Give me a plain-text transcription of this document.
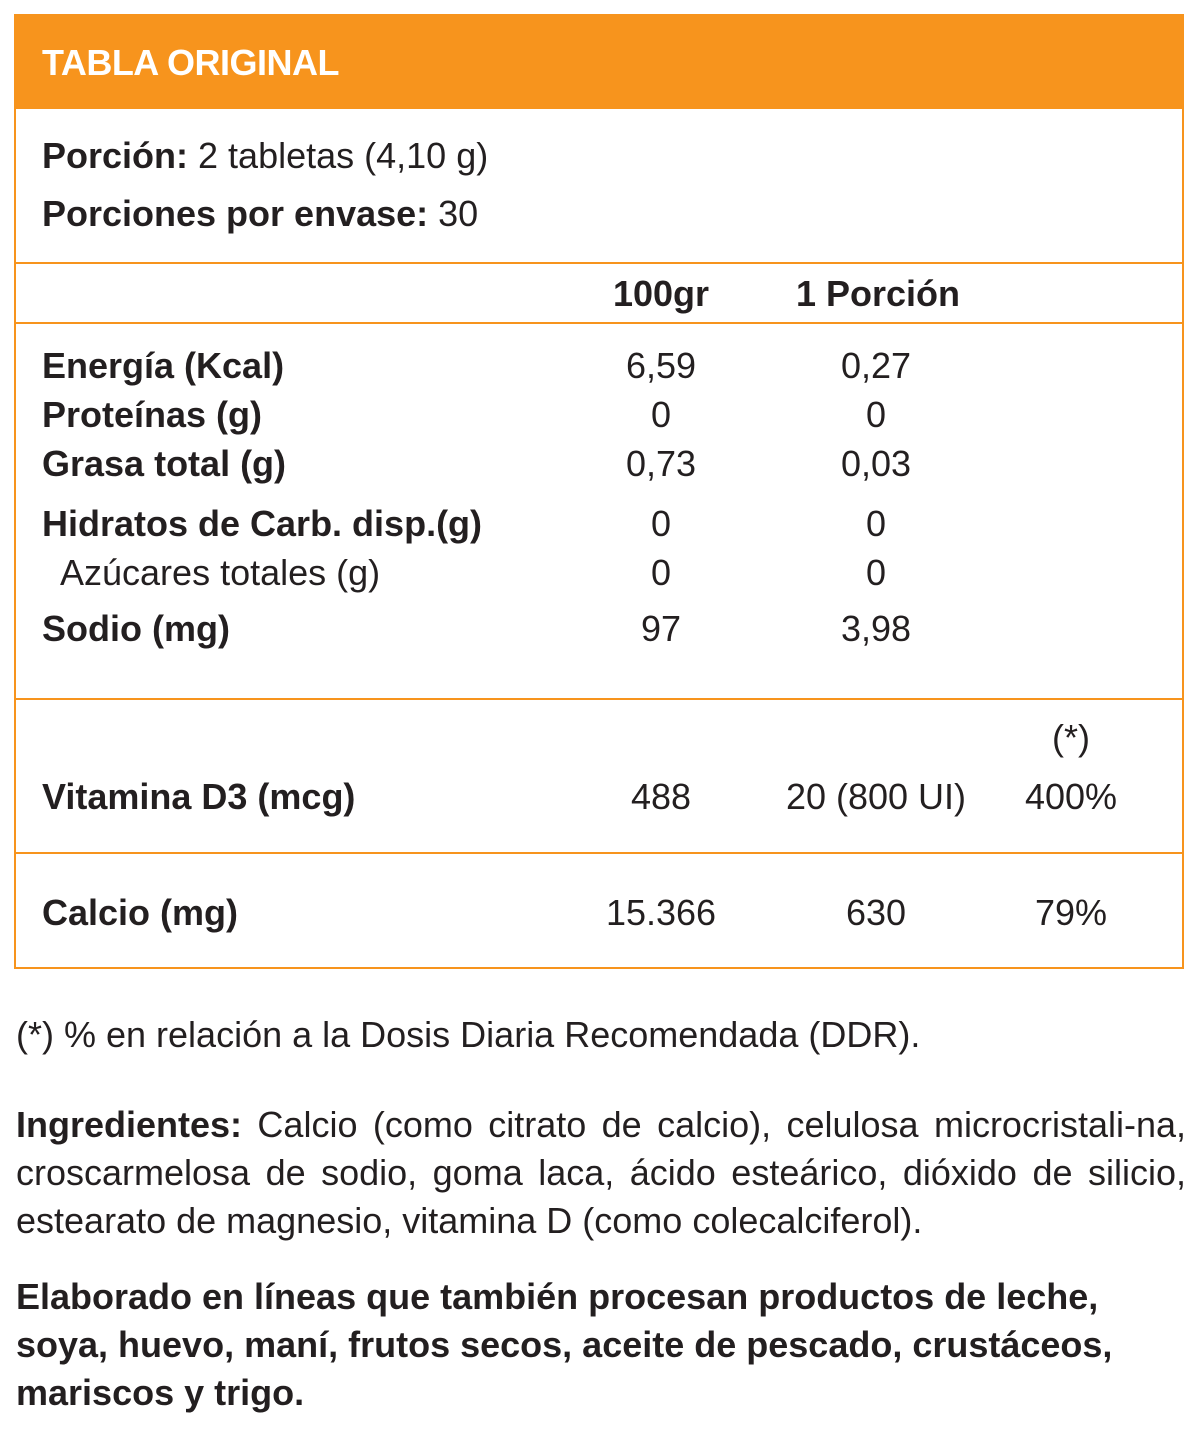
TABLA ORIGINAL
Porción: 2 tabletas (4,10 g)
Porciones por envase: 30
100gr	1 Porción
Energía (Kcal)	6,59	0,27
Proteínas (g)	0	0
Grasa total (g)	0,73	0,03
Hidratos de Carb. disp.(g)	0	0
Azúcares totales (g)	0	0
Sodio (mg)	97	3,98
(*)
Vitamina D3 (mcg)	488	20 (800 UI)	400%
Calcio (mg)	15.366	630	79%
(*) % en relación a la Dosis Diaria Recomendada (DDR).
Ingredientes: Calcio (como citrato de calcio), celulosa microcristali-na, croscarmelosa de sodio, goma laca, ácido esteárico, dióxido de silicio, estearato de magnesio, vitamina D (como colecalciferol).
Elaborado en líneas que también procesan productos de leche, soya, huevo, maní, frutos secos, aceite de pescado, crustáceos, mariscos y trigo.
